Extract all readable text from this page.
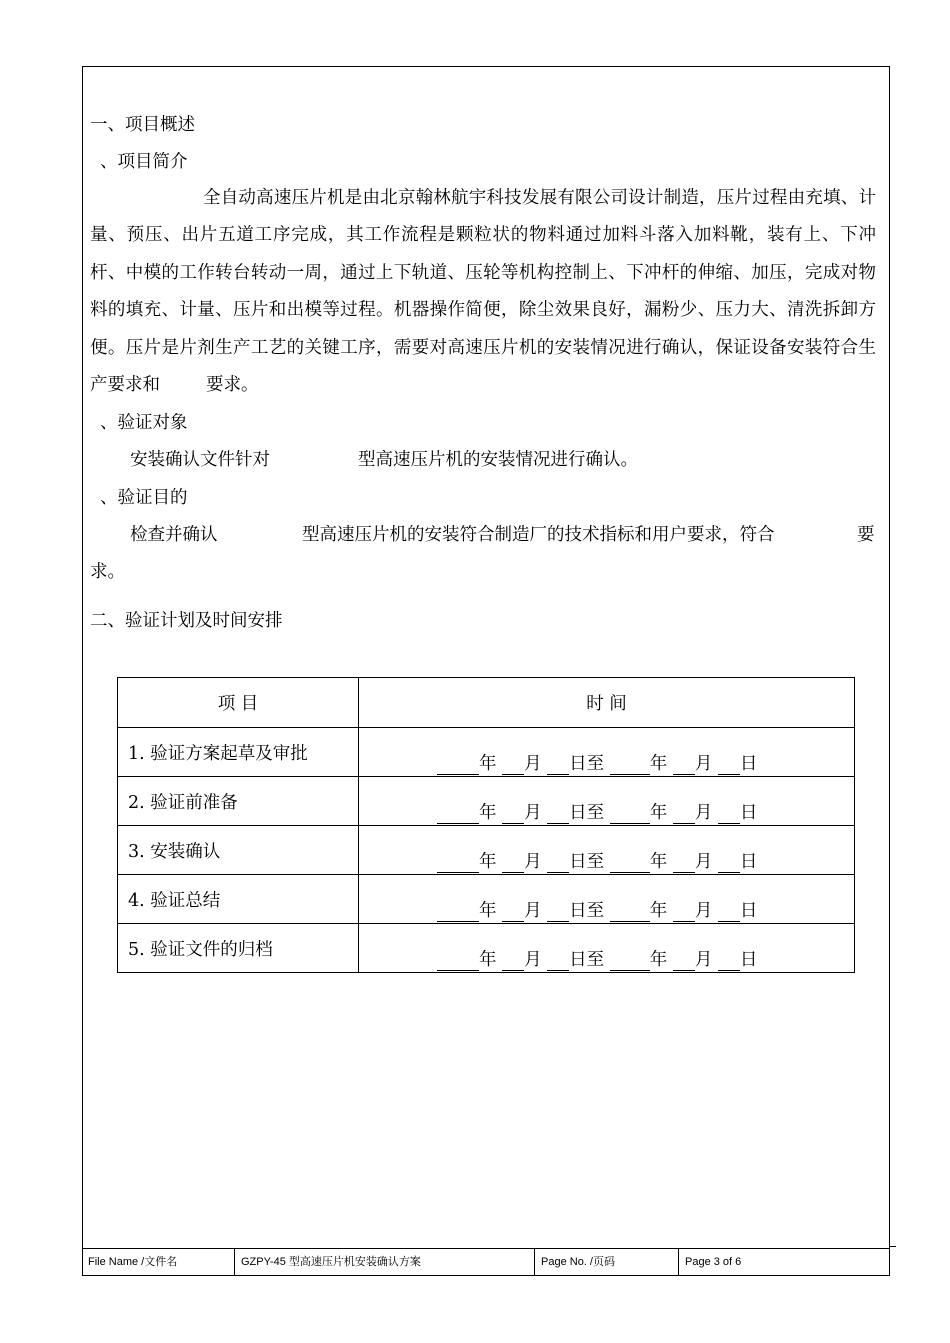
一、项目概述
、项目简介
全自动高速压片机是由北京翰林航宇科技发展有限公司设计制造，压片过程由充填、计量、预压、出片五道工序完成，其工作流程是颗粒状的物料通过加料斗落入加料靴，装有上、下冲杆、中模的工作转台转动一周，通过上下轨道、压轮等机构控制上、下冲杆的伸缩、加压，完成对物料的填充、计量、压片和出模等过程。机器操作简便，除尘效果良好，漏粉少、压力大、清洗拆卸方便。压片是片剂生产工艺的关键工序，需要对高速压片机的安装情况进行确认，保证设备安装符合生产要求和	要求。
、验证对象
安装确认文件针对	型高速压片机的安装情况进行确认。
、验证目的
检查并确认	型高速压片机的安装符合制造厂的技术指标和用户要求，符合	要
求。
二、验证计划及时间安排
项 目	时 间
1. 验证方案起草及审批	年 月 日至 年 月 日

2. 验证前准备	年 月 日至 年 月 日

3. 安装确认	年 月 日至 年 月 日

4. 验证总结	年 月 日至 年 月 日

5. 验证文件的归档	年 月 日至 年 月 日
File Name /文件名	GZPY-45 型高速压片机安装确认方案	Page No. /页码	Page 3 of 6
